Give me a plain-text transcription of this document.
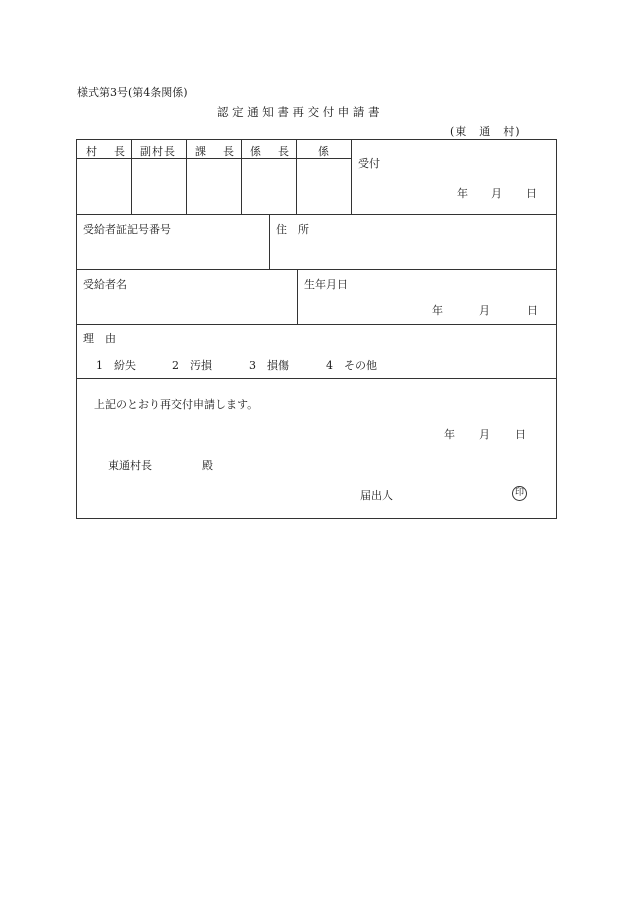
様式第3号(第4条関係)
認定通知書再交付申請書
(東　通　村)
村　長 副村長 課　長 係　長 係
受付
年 月 日
受給者証記号番号	住　所
受給者名	生年月日
年	月	日
理　由
1　紛失	2　汚損	3　損傷	4　その他
上記のとおり再交付申請します。
年 月 日
東通村長	殿
届出人	印
